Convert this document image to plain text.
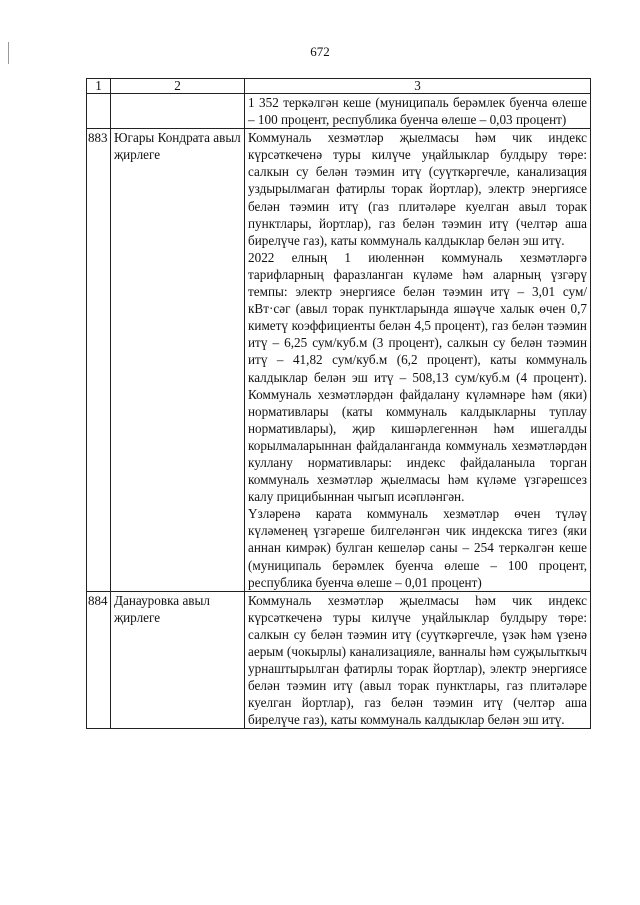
672
1	2	3

		1 352 теркәлгән кеше (муниципаль берәмлек буенча өлеше – 100 процент, республика буенча өлеше – 0,03 процент)

883	Югары Кондрата авыл җирлеге	Коммуналь хезмәтләр җыелмасы һәм чик индекс күрсәткеченә туры килүче уңайлыклар булдыру төре: салкын су белән тәэмин итү (суүткәргечле, канализация уздырылмаган фатирлы торак йортлар), электр энергиясе белән тәэмин итү (газ плитәләре куелган авыл торак пунктлары, йортлар), газ белән тәэмин итү (челтәр аша бирелүче газ), каты коммуналь калдыклар белән эш итү.

2022 елның 1 июленнән коммуналь хезмәтләргә тарифларның фаразланган күләме һәм аларның үзгәрү темпы: электр энергиясе белән тәэмин итү – 3,01 сум/кВт·сәг (авыл торак пунктларында яшәүче халык өчен 0,7 киметү коэффициенты белән 4,5 процент), газ белән тәэмин итү – 6,25 сум/куб.м (3 процент), салкын су белән тәэмин итү – 41,82 сум/куб.м (6,2 процент), каты коммуналь калдыклар белән эш итү – 508,13 сум/куб.м (4 процент). Коммуналь хезмәтләрдән файдалану күләмнәре һәм (яки) нормативлары (каты коммуналь калдыкларны туплау нормативлары), җир кишәрлегеннән һәм ишегалды корылмаларыннан файдаланганда коммуналь хезмәтләрдән куллану нормативлары: индекс файдаланыла торган коммуналь хезмәтләр җыелмасы һәм күләме үзгәрешсез калу прицибыннан чыгып исәпләнгән.

Үзләренә карата коммуналь хезмәтләр өчен түләү күләменең үзгәреше билгеләнгән чик индекска тигез (яки аннан кимрәк) булган кешеләр саны – 254 теркәлгән кеше (муниципаль берәмлек буенча өлеше – 100 процент, республика буенча өлеше – 0,01 процент)

884	Данауровка авыл җирлеге	Коммуналь хезмәтләр җыелмасы һәм чик индекс күрсәткеченә туры килүче уңайлыклар булдыру төре: салкын су белән тәэмин итү (суүткәргечле, үзәк һәм үзенә аерым (чокырлы) канализацияле, ванналы һәм суҗылыткыч урнаштырылган фатирлы торак йортлар), электр энергиясе белән тәэмин итү (авыл торак пунктлары, газ плитәләре куелган йортлар), газ белән тәэмин итү (челтәр аша бирелүче газ), каты коммуналь калдыклар белән эш итү.
